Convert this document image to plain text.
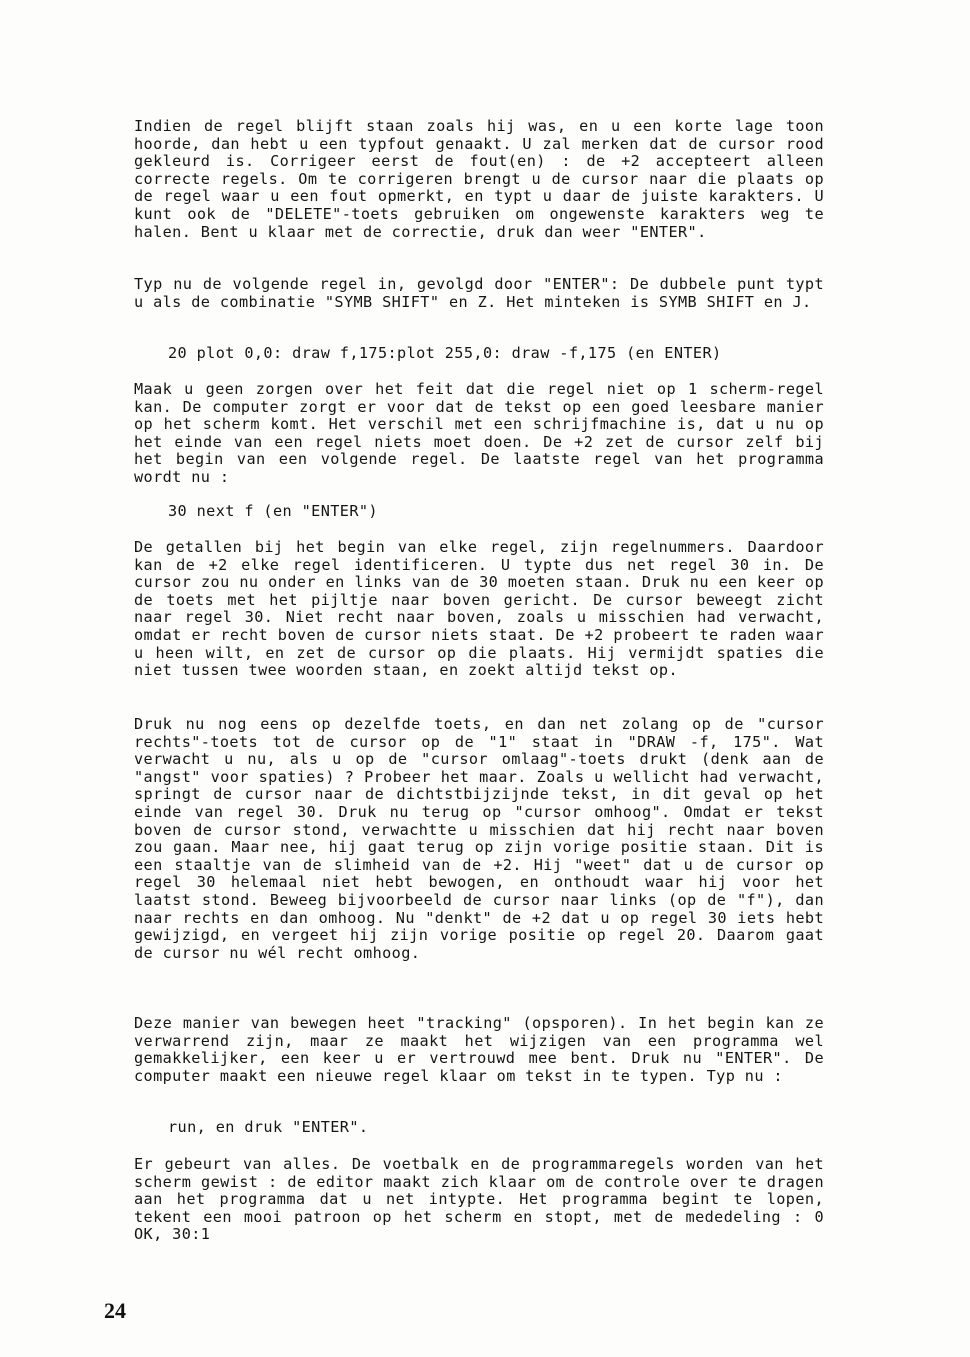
Indien de regel blijft staan zoals hij was, en u een korte lage toon hoorde, dan hebt u een typfout genaakt. U zal merken dat de cursor rood gekleurd is. Corrigeer eerst de fout(en) : de +2 accepteert alleen correcte regels. Om te corrigeren brengt u de cursor naar die plaats op de regel waar u een fout opmerkt, en typt u daar de juiste karakters. U kunt ook de "DELETE"-toets gebruiken om ongewenste karakters weg te halen. Bent u klaar met de correctie, druk dan weer "ENTER".

Typ nu de volgende regel in, gevolgd door "ENTER": De dubbele punt typt u als de combinatie "SYMB SHIFT" en Z. Het minteken is SYMB SHIFT en J.

20 plot 0,0: draw f,175:plot 255,0: draw -f,175 (en ENTER)

Maak u geen zorgen over het feit dat die regel niet op 1 scherm-regel kan. De computer zorgt er voor dat de tekst op een goed leesbare manier op het scherm komt. Het verschil met een schrijfmachine is, dat u nu op het einde van een regel niets moet doen. De +2 zet de cursor zelf bij het begin van een volgende regel. De laatste regel van het programma wordt nu :

30 next f (en "ENTER")

De getallen bij het begin van elke regel, zijn regelnummers. Daardoor kan de +2 elke regel identificeren. U typte dus net regel 30 in. De cursor zou nu onder en links van de 30 moeten staan. Druk nu een keer op de toets met het pijltje naar boven gericht. De cursor beweegt zicht naar regel 30. Niet recht naar boven, zoals u misschien had verwacht, omdat er recht boven de cursor niets staat. De +2 probeert te raden waar u heen wilt, en zet de cursor op die plaats. Hij vermijdt spaties die niet tussen twee woorden staan, en zoekt altijd tekst op.

Druk nu nog eens op dezelfde toets, en dan net zolang op de "cursor rechts"-toets tot de cursor op de "1" staat in "DRAW -f, 175". Wat verwacht u nu, als u op de "cursor omlaag"-toets drukt (denk aan de "angst" voor spaties) ? Probeer het maar. Zoals u wellicht had verwacht, springt de cursor naar de dichtstbijzijnde tekst, in dit geval op het einde van regel 30. Druk nu terug op "cursor omhoog". Omdat er tekst boven de cursor stond, verwachtte u misschien dat hij recht naar boven zou gaan. Maar nee, hij gaat terug op zijn vorige positie staan. Dit is een staaltje van de slimheid van de +2. Hij "weet" dat u de cursor op regel 30 helemaal niet hebt bewogen, en onthoudt waar hij voor het laatst stond. Beweeg bijvoorbeeld de cursor naar links (op de "f"), dan naar rechts en dan omhoog. Nu "denkt" de +2 dat u op regel 30 iets hebt gewijzigd, en vergeet hij zijn vorige positie op regel 20. Daarom gaat de cursor nu wél recht omhoog.

Deze manier van bewegen heet "tracking" (opsporen). In het begin kan ze verwarrend zijn, maar ze maakt het wijzigen van een programma wel gemakkelijker, een keer u er vertrouwd mee bent. Druk nu "ENTER". De computer maakt een nieuwe regel klaar om tekst in te typen. Typ nu :

run, en druk "ENTER".

Er gebeurt van alles. De voetbalk en de programmaregels worden van het scherm gewist : de editor maakt zich klaar om de controle over te dragen aan het programma dat u net intypte. Het programma begint te lopen, tekent een mooi patroon op het scherm en stopt, met de mededeling : 0 OK, 30:1

24
